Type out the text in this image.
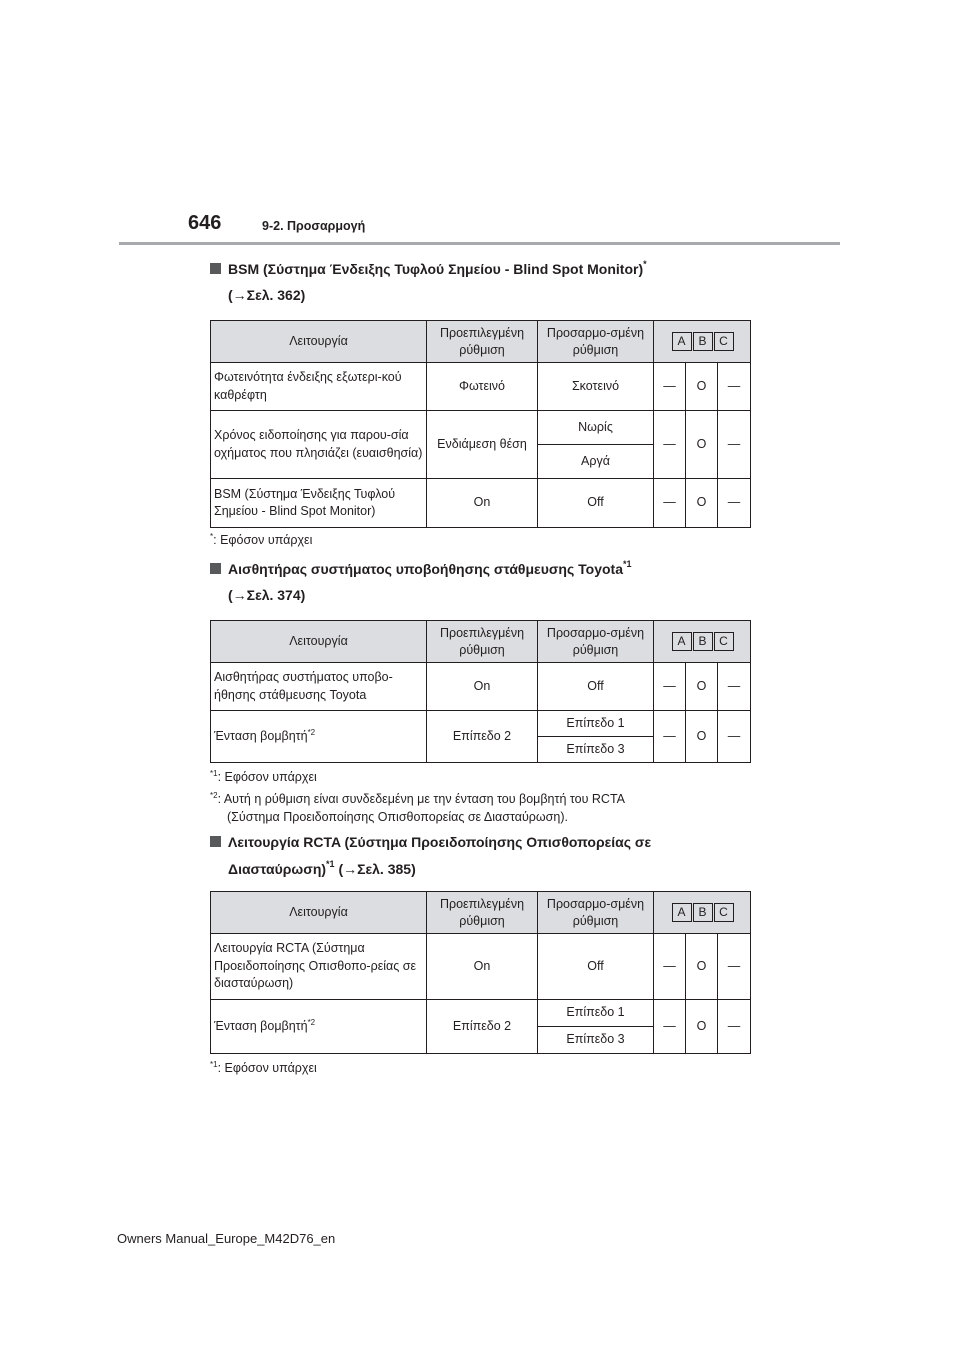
646	9-2. Προσαρμογή
BSM (Σύστημα Ένδειξης Τυφλού Σημείου - Blind Spot Monitor)*
(→Σελ. 362)
Λειτουργία	Προεπιλεγμένη ρύθμιση	Προσαρμο-σμένη ρύθμιση	A B C		
Φωτεινότητα ένδειξης εξωτερι-κού καθρέφτη	Φωτεινό	Σκοτεινό	—	O	—
Χρόνος ειδοποίησης για παρου-σία οχήματος που πλησιάζει (ευαισθησία)	Ενδιάμεση θέση	Νωρίς	—	O	—
		Αργά			
BSM (Σύστημα Ένδειξης Τυφλού Σημείου - Blind Spot Monitor)	On	Off	—	O	—
*: Εφόσον υπάρχει
Αισθητήρας συστήματος υποβοήθησης στάθμευσης Toyota$^{*1}$
(→Σελ. 374)
Λειτουργία	Προεπιλεγμένη ρύθμιση	Προσαρμο-σμένη ρύθμιση	A B C		
Αισθητήρας συστήματος υποβο-ήθησης στάθμευσης Toyota	On	Off	—	O	—
Ένταση βομβητή$^{*2}$	Επίπεδο 2	Επίπεδο 1	—	O	—
		Επίπεδο 3			
$^{*1}$: Εφόσον υπάρχει
$^{*2}$: Αυτή η ρύθμιση είναι συνδεδεμένη με την ένταση του βομβητή του RCTA
(Σύστημα Προειδοποίησης Οπισθοπορείας σε Διασταύρωση).
Λειτουργία RCTA (Σύστημα Προειδοποίησης Οπισθοπορείας σε
Διασταύρωση)$^{*1}$ (→Σελ. 385)
Λειτουργία	Προεπιλεγμένη ρύθμιση	Προσαρμο-σμένη ρύθμιση	A B C		
Λειτουργία RCTA (Σύστημα Προειδοποίησης Οπισθοπο-ρείας σε διασταύρωση)	On	Off	—	O	—
Ένταση βομβητή$^{*2}$	Επίπεδο 2	Επίπεδο 1	—	O	—
		Επίπεδο 3			
$^{*1}$: Εφόσον υπάρχει
Owners Manual_Europe_M42D76_en
